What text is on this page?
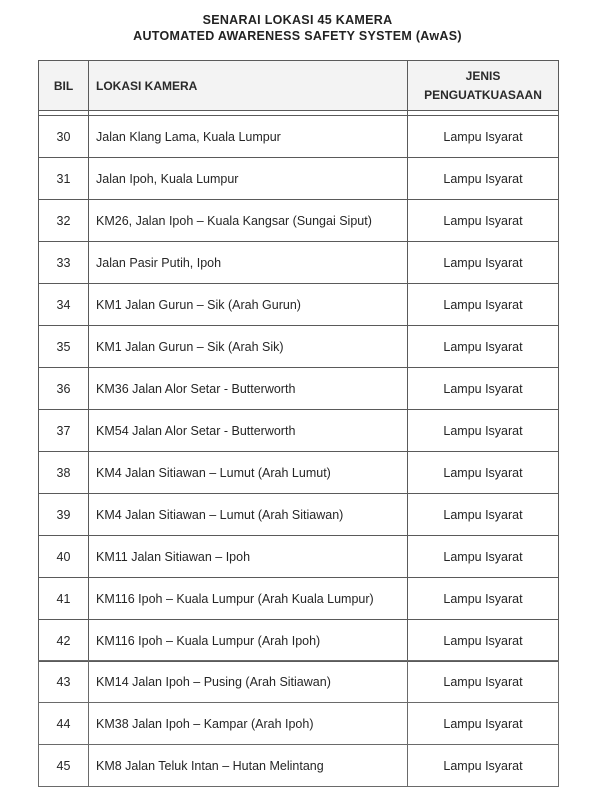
SENARAI LOKASI 45 KAMERA
AUTOMATED AWARENESS SAFETY SYSTEM (AwAS)
BIL	LOKASI KAMERA	JENIS
PENGUATKUASAAN

30	Jalan Klang Lama, Kuala Lumpur	Lampu Isyarat
31	Jalan Ipoh, Kuala Lumpur	Lampu Isyarat
32	KM26, Jalan Ipoh – Kuala Kangsar (Sungai Siput)	Lampu Isyarat
33	Jalan Pasir Putih, Ipoh	Lampu Isyarat
34	KM1 Jalan Gurun – Sik (Arah Gurun)	Lampu Isyarat
35	KM1 Jalan Gurun – Sik (Arah Sik)	Lampu Isyarat
36	KM36 Jalan Alor Setar - Butterworth	Lampu Isyarat
37	KM54 Jalan Alor Setar - Butterworth	Lampu Isyarat
38	KM4 Jalan Sitiawan – Lumut (Arah Lumut)	Lampu Isyarat
39	KM4 Jalan Sitiawan – Lumut (Arah Sitiawan)	Lampu Isyarat
40	KM11 Jalan Sitiawan – Ipoh	Lampu Isyarat
41	KM116 Ipoh – Kuala Lumpur (Arah Kuala Lumpur)	Lampu Isyarat
42	KM116 Ipoh – Kuala Lumpur (Arah Ipoh)	Lampu Isyarat
43	KM14 Jalan Ipoh – Pusing (Arah Sitiawan)	Lampu Isyarat
44	KM38 Jalan Ipoh – Kampar (Arah Ipoh)	Lampu Isyarat
45	KM8 Jalan Teluk Intan – Hutan Melintang	Lampu Isyarat
